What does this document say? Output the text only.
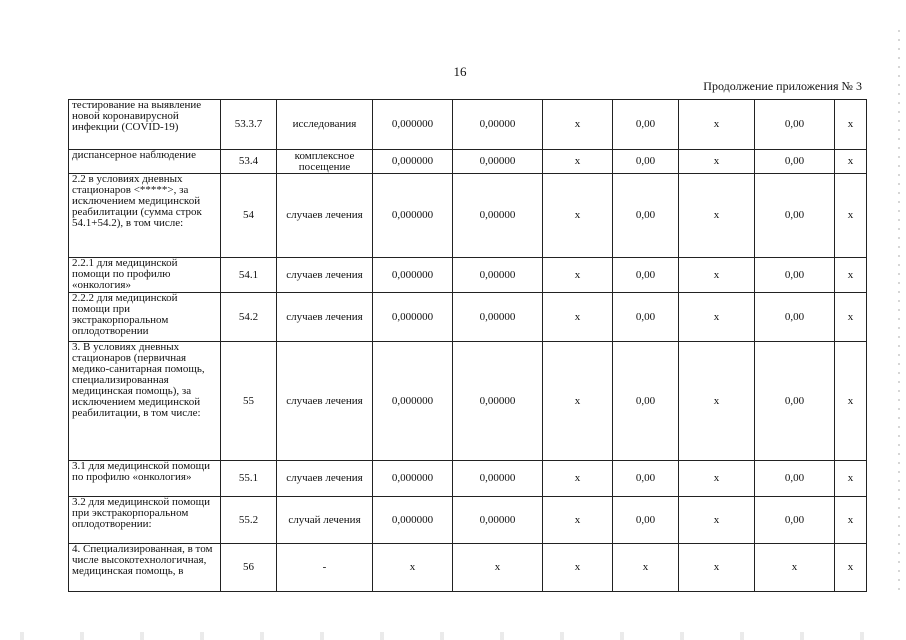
16
Продолжение приложения № 3
тестирование на выявление новой коронавирусной инфекции (COVID-19)	53.3.7	исследования	0,000000	0,00000	х	0,00	х	0,00	х
диспансерное наблюдение	53.4	комплексное посещение	0,000000	0,00000	х	0,00	х	0,00	х
2.2 в условиях дневных стационаров <*****>, за исключением медицинской реабилитации (сумма строк 54.1+54.2), в том числе:	54	случаев лечения	0,000000	0,00000	х	0,00	х	0,00	х
2.2.1 для медицинской помощи по профилю «онкология»	54.1	случаев лечения	0,000000	0,00000	х	0,00	х	0,00	х
2.2.2 для медицинской помощи при экстракорпоральном оплодотворении	54.2	случаев лечения	0,000000	0,00000	х	0,00	х	0,00	х
3. В условиях дневных стационаров (первичная медико-санитарная помощь, специализированная медицинская помощь), за исключением медицинской реабилитации, в том числе:	55	случаев лечения	0,000000	0,00000	х	0,00	х	0,00	х
3.1 для медицинской помощи по профилю «онкология»	55.1	случаев лечения	0,000000	0,00000	х	0,00	х	0,00	х
3.2 для медицинской помощи при экстракорпоральном оплодотворении:	55.2	случай лечения	0,000000	0,00000	х	0,00	х	0,00	х
4. Специализированная, в том числе высокотехнологичная, медицинская помощь, в	56	-	х	х	х	х	х	х	х
